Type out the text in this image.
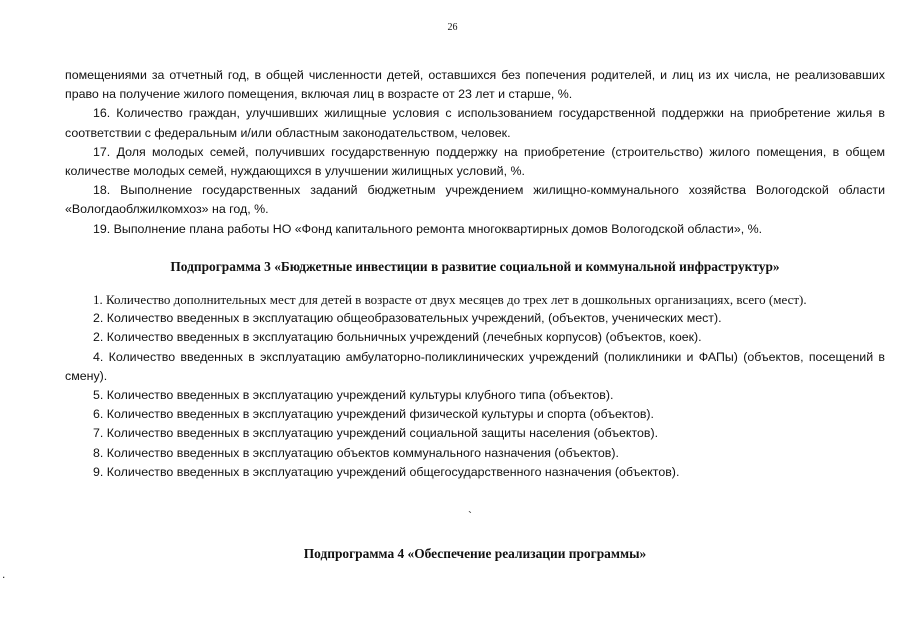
26

помещениями за отчетный год, в общей численности детей, оставшихся без попечения родителей, и лиц из их числа, не реализовавших право на получение жилого помещения, включая лиц в возрасте от 23 лет и старше, %.

16. Количество граждан, улучшивших жилищные условия с использованием государственной поддержки на приобретение жилья в соответствии с федеральным и/или областным законодательством, человек.

17. Доля молодых семей, получивших государственную поддержку на приобретение (строительство) жилого помещения, в общем количестве молодых семей, нуждающихся в улучшении жилищных условий, %.

18. Выполнение государственных заданий бюджетным учреждением жилищно-коммунального хозяйства Вологодской области «Вологдаоблжилкомхоз» на год, %.

19. Выполнение плана работы НО «Фонд капитального ремонта многоквартирных домов Вологодской области», %.

Подпрограмма 3 «Бюджетные инвестиции в развитие социальной и коммунальной инфраструктур»

1. Количество дополнительных мест для детей в возрасте от двух месяцев до трех лет в дошкольных организациях, всего (мест).

2. Количество введенных в эксплуатацию общеобразовательных учреждений, (объектов, ученических мест).

2. Количество введенных в эксплуатацию больничных учреждений (лечебных корпусов) (объектов, коек).

4. Количество введенных в эксплуатацию амбулаторно-поликлинических учреждений (поликлиники и ФАПы) (объектов, посещений в смену).

5. Количество введенных в эксплуатацию учреждений культуры клубного типа (объектов).

6. Количество введенных в эксплуатацию учреждений физической культуры и спорта (объектов).

7. Количество введенных в эксплуатацию учреждений социальной защиты населения (объектов).

8. Количество введенных в эксплуатацию объектов коммунального назначения (объектов).

9. Количество введенных в эксплуатацию учреждений общегосударственного назначения (объектов).

`
Подпрограмма 4 «Обеспечение реализации программы»
.
